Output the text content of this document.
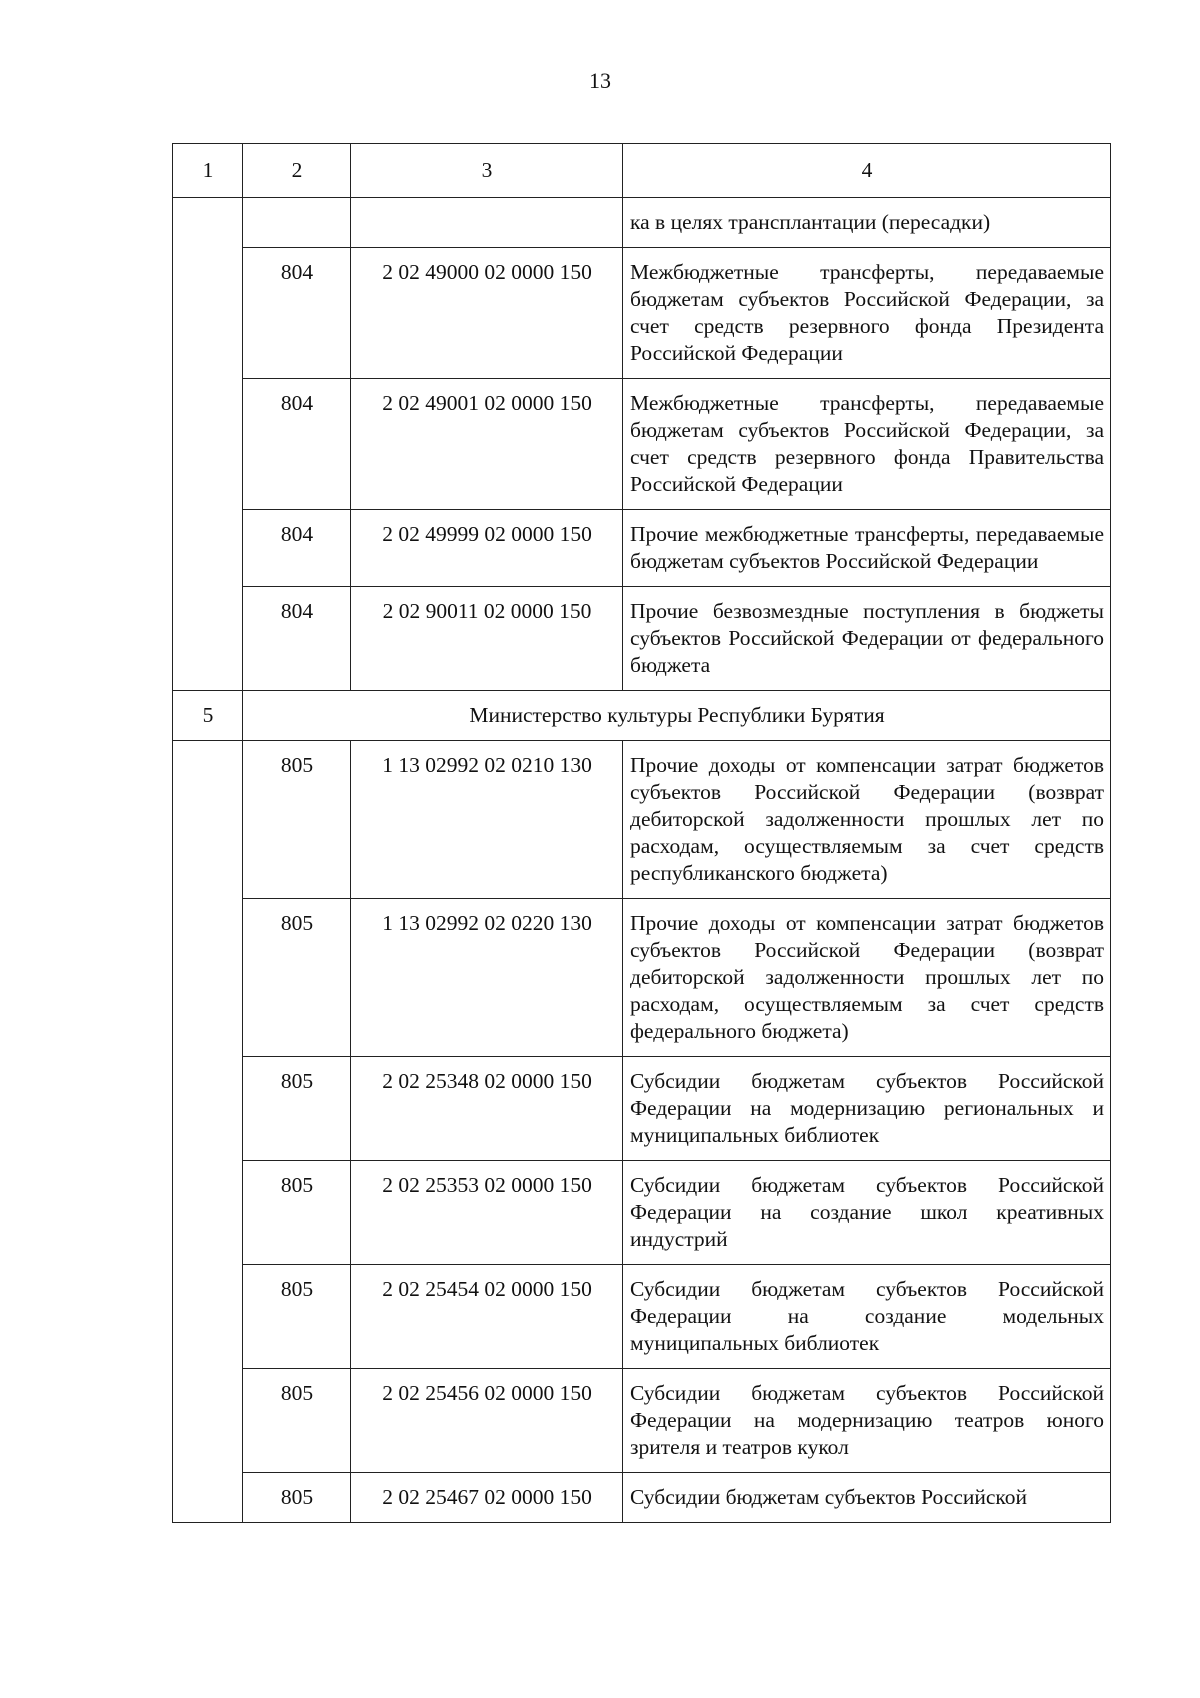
13
1	2	3	4
			ка в целях трансплантации (пересадки)
	804	2 02 49000 02 0000 150	Межбюджетные трансферты, передаваемые бюджетам субъектов Российской Федерации, за счет средств резервного фонда Президента Российской Федерации
	804	2 02 49001 02 0000 150	Межбюджетные трансферты, передаваемые бюджетам субъектов Российской Федерации, за счет средств резервного фонда Правительства Российской Федерации
	804	2 02 49999 02 0000 150	Прочие межбюджетные трансферты, передаваемые бюджетам субъектов Российской Федерации
	804	2 02 90011 02 0000 150	Прочие безвозмездные поступления в бюджеты субъектов Российской Федерации от федерального бюджета
5	Министерство культуры Республики Бурятия		
	805	1 13 02992 02 0210 130	Прочие доходы от компенсации затрат бюджетов субъектов Российской Федерации (возврат дебиторской задолженности прошлых лет по расходам, осуществляемым за счет средств республиканского бюджета)
	805	1 13 02992 02 0220 130	Прочие доходы от компенсации затрат бюджетов субъектов Российской Федерации (возврат дебиторской задолженности прошлых лет по расходам, осуществляемым за счет средств федерального бюджета)
	805	2 02 25348 02 0000 150	Субсидии бюджетам субъектов Российской Федерации на модернизацию региональных и муниципальных библиотек
	805	2 02 25353 02 0000 150	Субсидии бюджетам субъектов Российской Федерации на создание школ креативных индустрий
	805	2 02 25454 02 0000 150	Субсидии бюджетам субъектов Российской Федерации на создание модельных муниципальных библиотек
	805	2 02 25456 02 0000 150	Субсидии бюджетам субъектов Российской Федерации на модернизацию театров юного зрителя и театров кукол
	805	2 02 25467 02 0000 150	Субсидии бюджетам субъектов Российской
